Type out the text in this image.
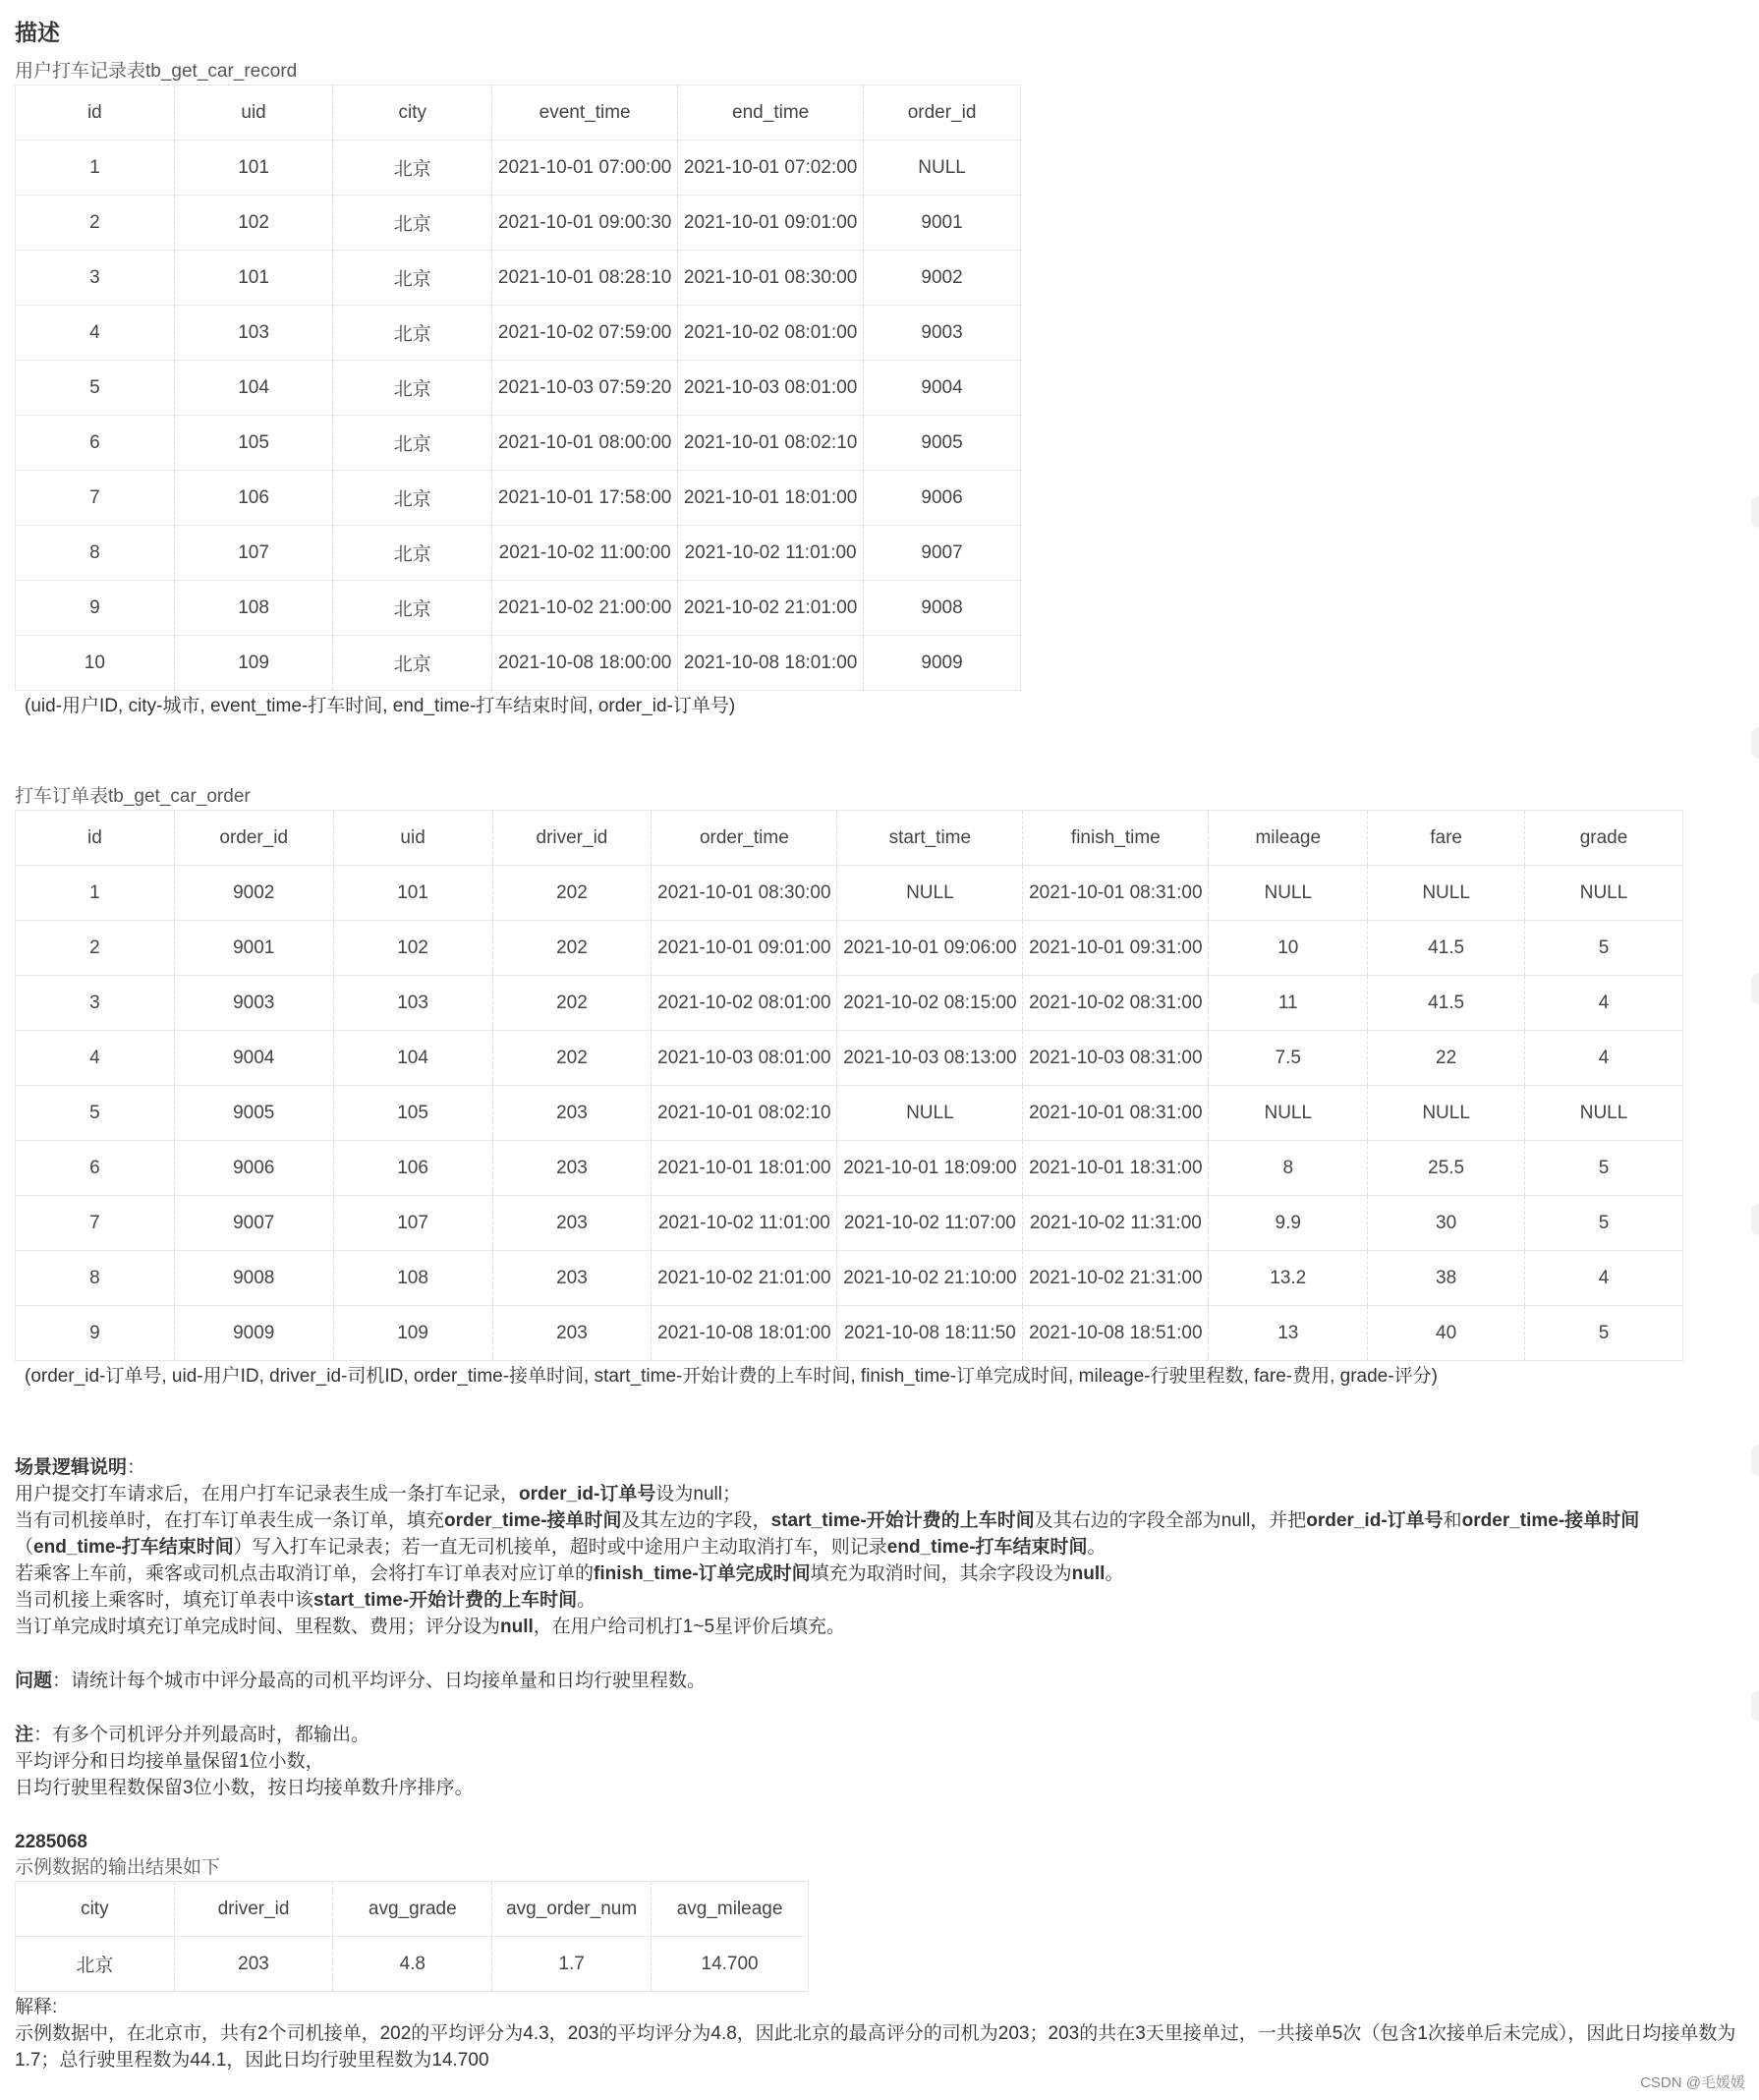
描述

用户打车记录表tb_get_car_record

id	uid	city	event_time	end_time	order_id
1	101	北京	2021-10-01 07:00:00	2021-10-01 07:02:00	NULL
2	102	北京	2021-10-01 09:00:30	2021-10-01 09:01:00	9001
3	101	北京	2021-10-01 08:28:10	2021-10-01 08:30:00	9002
4	103	北京	2021-10-02 07:59:00	2021-10-02 08:01:00	9003
5	104	北京	2021-10-03 07:59:20	2021-10-03 08:01:00	9004
6	105	北京	2021-10-01 08:00:00	2021-10-01 08:02:10	9005
7	106	北京	2021-10-01 17:58:00	2021-10-01 18:01:00	9006
8	107	北京	2021-10-02 11:00:00	2021-10-02 11:01:00	9007
9	108	北京	2021-10-02 21:00:00	2021-10-02 21:01:00	9008
10	109	北京	2021-10-08 18:00:00	2021-10-08 18:01:00	9009

(uid-用户ID, city-城市, event_time-打车时间, end_time-打车结束时间, order_id-订单号)

打车订单表tb_get_car_order

id	order_id	uid	driver_id	order_time	start_time	finish_time	mileage	fare	grade
1	9002	101	202	2021-10-01 08:30:00	NULL	2021-10-01 08:31:00	NULL	NULL	NULL
2	9001	102	202	2021-10-01 09:01:00	2021-10-01 09:06:00	2021-10-01 09:31:00	10	41.5	5
3	9003	103	202	2021-10-02 08:01:00	2021-10-02 08:15:00	2021-10-02 08:31:00	11	41.5	4
4	9004	104	202	2021-10-03 08:01:00	2021-10-03 08:13:00	2021-10-03 08:31:00	7.5	22	4
5	9005	105	203	2021-10-01 08:02:10	NULL	2021-10-01 08:31:00	NULL	NULL	NULL
6	9006	106	203	2021-10-01 18:01:00	2021-10-01 18:09:00	2021-10-01 18:31:00	8	25.5	5
7	9007	107	203	2021-10-02 11:01:00	2021-10-02 11:07:00	2021-10-02 11:31:00	9.9	30	5
8	9008	108	203	2021-10-02 21:01:00	2021-10-02 21:10:00	2021-10-02 21:31:00	13.2	38	4
9	9009	109	203	2021-10-08 18:01:00	2021-10-08 18:11:50	2021-10-08 18:51:00	13	40	5

(order_id-订单号, uid-用户ID, driver_id-司机ID, order_time-接单时间, start_time-开始计费的上车时间, finish_time-订单完成时间, mileage-行驶里程数, fare-费用, grade-评分)

场景逻辑说明：

用户提交打车请求后，在用户打车记录表生成一条打车记录，order_id-订单号设为null；

当有司机接单时，在打车订单表生成一条订单，填充order_time-接单时间及其左边的字段，start_time-开始计费的上车时间及其右边的字段全部为null，并把order_id-订单号和order_time-接单时间（end_time-打车结束时间）写入打车记录表；若一直无司机接单，超时或中途用户主动取消打车，则记录end_time-打车结束时间。

若乘客上车前，乘客或司机点击取消订单，会将打车订单表对应订单的finish_time-订单完成时间填充为取消时间，其余字段设为null。

当司机接上乘客时，填充订单表中该start_time-开始计费的上车时间。

当订单完成时填充订单完成时间、里程数、费用；评分设为null，在用户给司机打1~5星评价后填充。

问题：请统计每个城市中评分最高的司机平均评分、日均接单量和日均行驶里程数。

注：有多个司机评分并列最高时，都输出。

平均评分和日均接单量保留1位小数，

日均行驶里程数保留3位小数，按日均接单数升序排序。

2285068

示例数据的输出结果如下

city	driver_id	avg_grade	avg_order_num	avg_mileage
北京	203	4.8	1.7	14.700

解释:

示例数据中，在北京市，共有2个司机接单，202的平均评分为4.3，203的平均评分为4.8，因此北京的最高评分的司机为203；203的共在3天里接单过，一共接单5次（包含1次接单后未完成），因此日均接单数为1.7；总行驶里程数为44.1，因此日均行驶里程数为14.700

CSDN @毛媛媛
